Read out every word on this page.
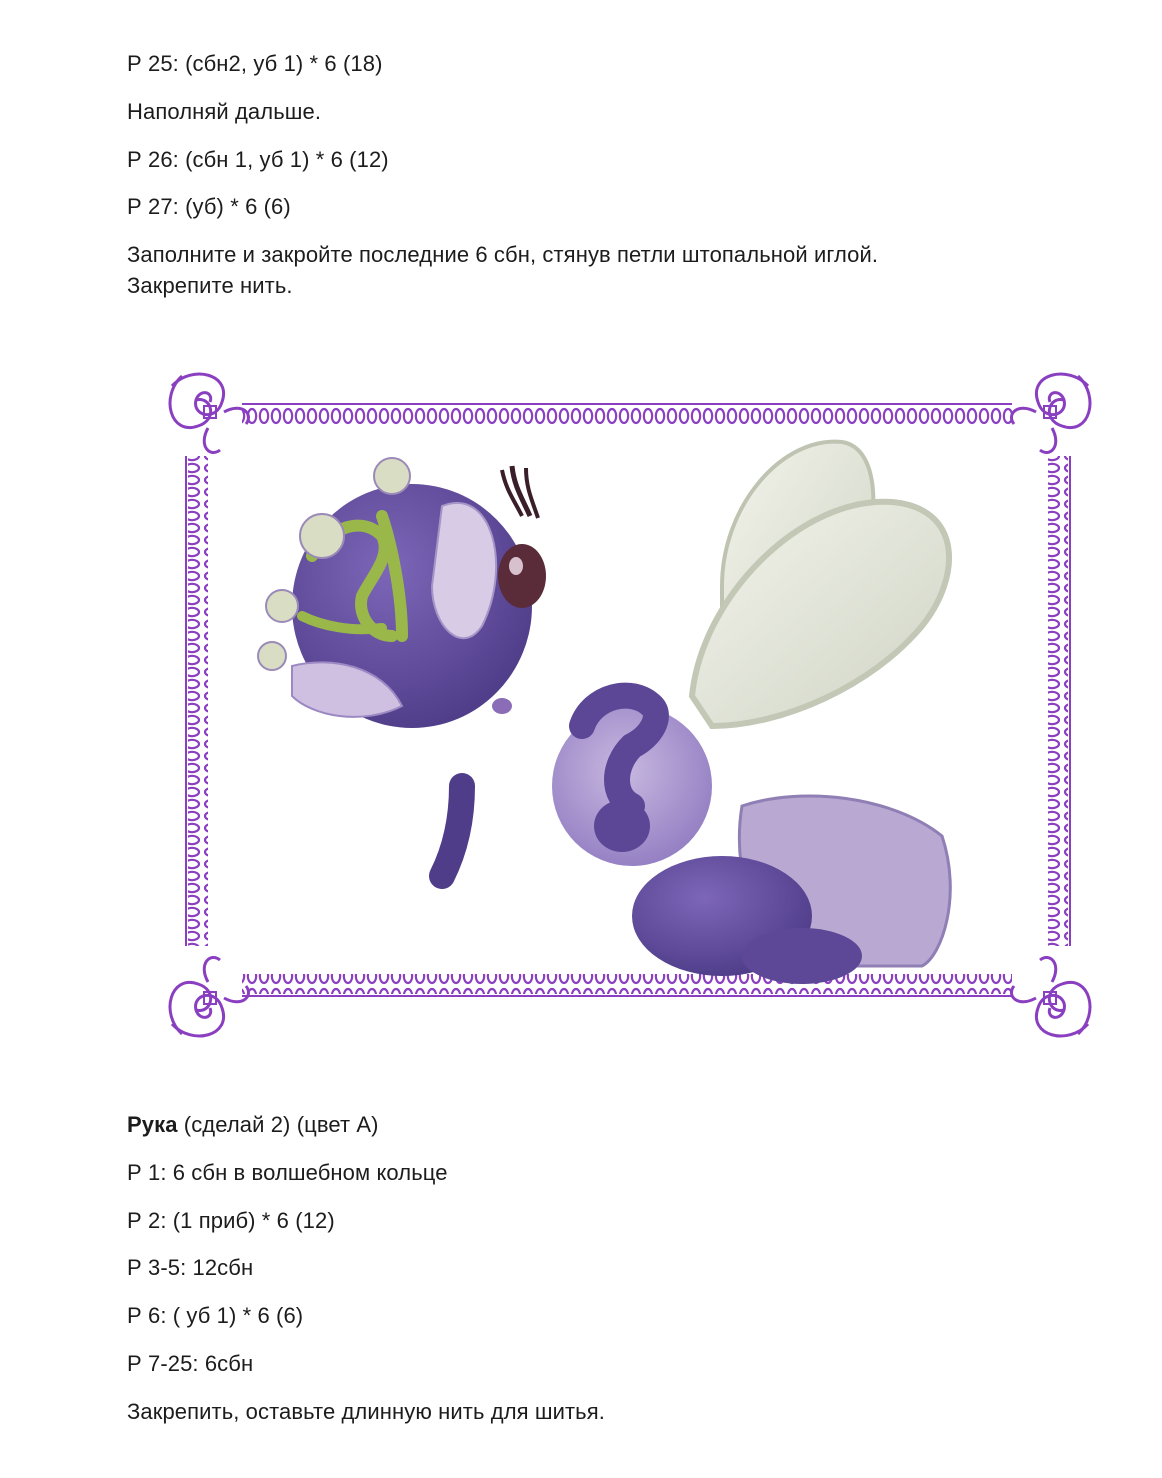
Р 25: (сбн2, уб 1) * 6 (18)
Наполняй дальше.
Р 26: (сбн 1, уб 1) * 6 (12)
Р 27: (уб) * 6 (6)
Заполните и закройте последние 6 сбн, стянув петли штопальной иглой.
Закрепите нить.
Рука (сделай 2) (цвет А)
Р 1: 6 сбн в волшебном кольце
Р 2: (1 приб) * 6 (12)
Р 3-5: 12сбн
Р 6: ( уб 1) * 6 (6)
Р 7-25: 6сбн
Закрепить, оставьте длинную нить для шитья.
